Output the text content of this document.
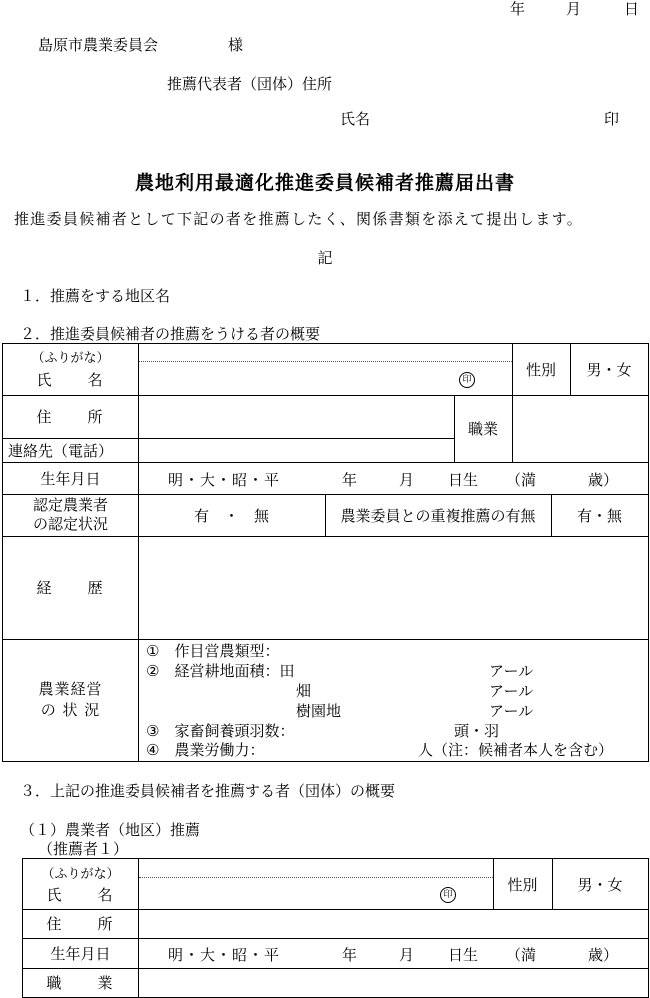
年	月	日
島原市農業委員会	様
推薦代表者（団体）住所
氏名	印
農地利用最適化推進委員候補者推薦届出書
推進委員候補者として下記の者を推薦したく、関係書類を添えて提出します。
記
１．推薦をする地区名
２．推進委員候補者の推薦をうける者の概要
（ふりがな）
氏　　名	印
性別	男・女
住　　所
職業
連絡先（電話）
生年月日	明・大・昭・平	年	月 日生 （満	歳）
認定農業者
の認定状況	有　・　無	農業委員との重複推薦の有無	有・無
経　　歴
農業経営
の 状 況
①　作目営農類型：
②　経営耕地面積：田	アール
畑	アール
樹園地	アール
③　家畜飼養頭羽数：	頭・羽
④　農業労働力：	人（注：候補者本人を含む）
３．上記の推進委員候補者を推薦する者（団体）の概要
（１）農業者（地区）推薦
（推薦者１）
（ふりがな）
氏　　名	印
性別	男・女
住　　所
生年月日	明・大・昭・平	年	月 日生 （満	歳）
職　　業
